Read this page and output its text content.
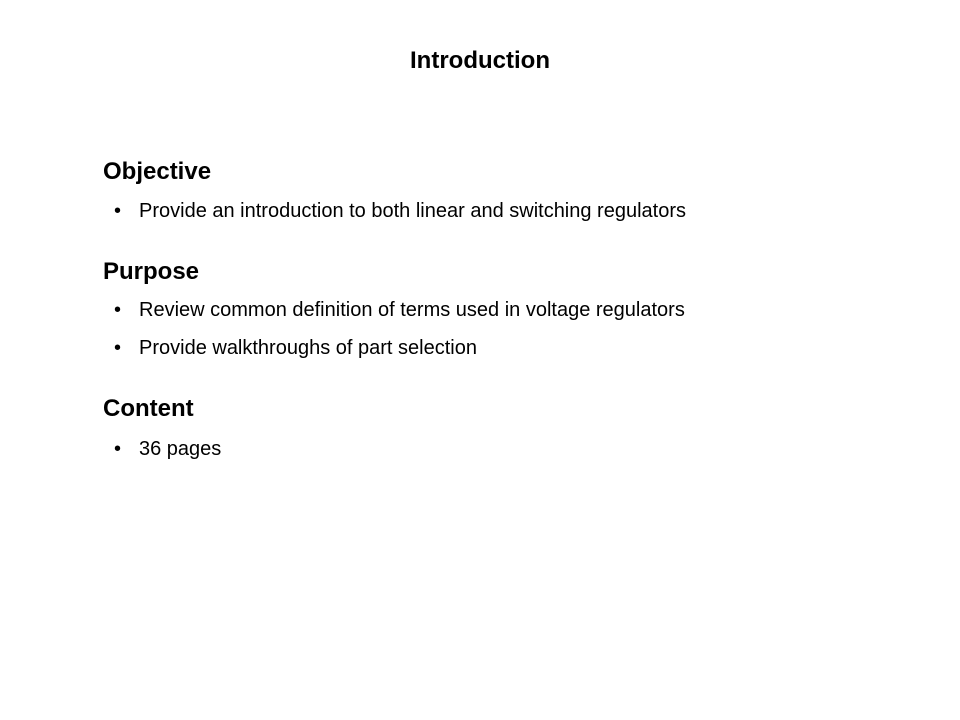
Introduction
Objective
• Provide an introduction to both linear and switching regulators
Purpose
• Review common definition of terms used in voltage regulators
• Provide walkthroughs of part selection
Content
• 36 pages
